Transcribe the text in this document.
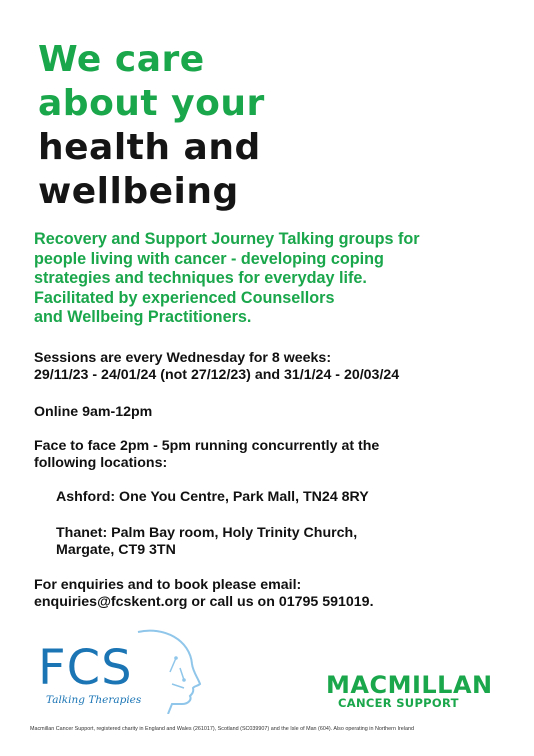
We care
about your
health and
wellbeing
Recovery and Support Journey Talking groups for
people living with cancer - developing coping
strategies and techniques for everyday life.
Facilitated by experienced Counsellors
and Wellbeing Practitioners.
Sessions are every Wednesday for 8 weeks:
29/11/23 - 24/01/24 (not 27/12/23) and 31/1/24 - 20/03/24
Online 9am-12pm
Face to face 2pm - 5pm running concurrently at the
following locations:
Ashford: One You Centre, Park Mall, TN24 8RY
Thanet: Palm Bay room, Holy Trinity Church,
Margate, CT9 3TN
For enquiries and to book please email:
enquiries@fcskent.org or call us on 01795 591019.
FCS
Talking Therapies
MACMILLAN
CANCER SUPPORT
Macmillan Cancer Support, registered charity in England and Wales (261017), Scotland (SC039907) and the Isle of Man (604). Also operating in Northern Ireland
